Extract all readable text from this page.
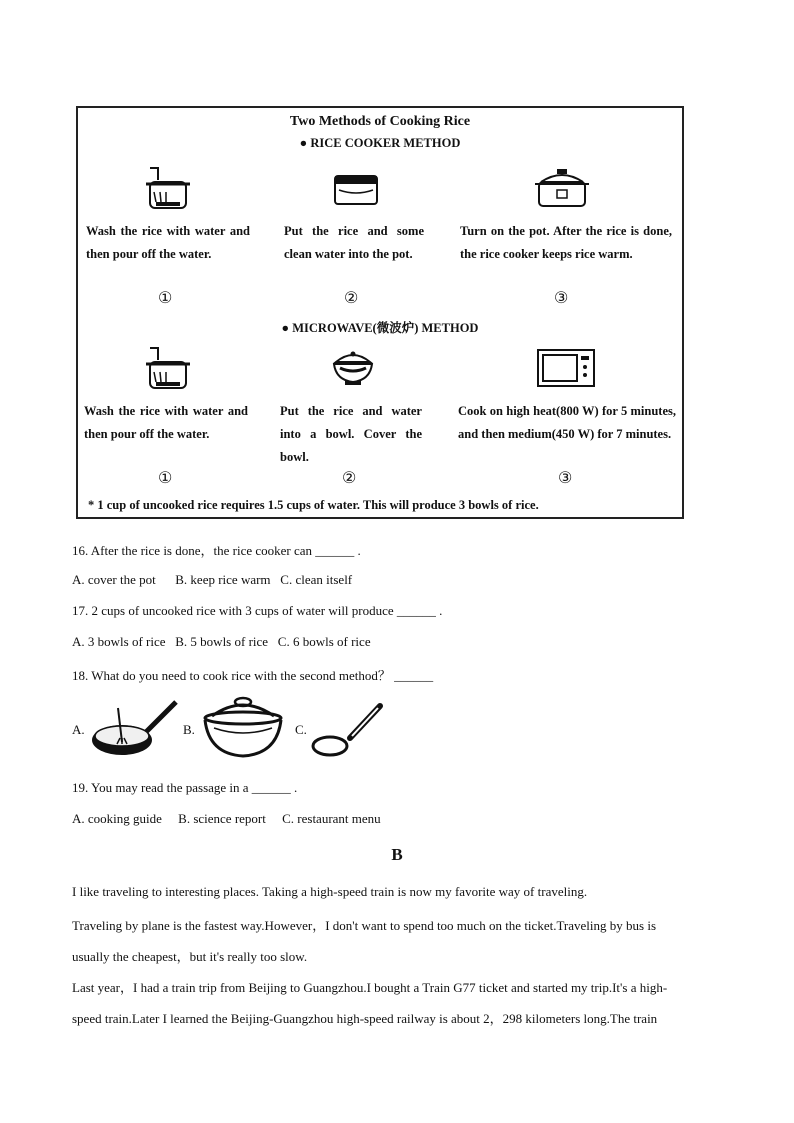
Two Methods of Cooking Rice
● RICE COOKER METHOD
Wash the rice with water and then pour off the water.
Put the rice and some clean water into the pot.
Turn on the pot. After the rice is done, the rice cooker keeps rice warm.
①	②	③
● MICROWAVE(微波炉) METHOD
Wash the rice with water and then pour off the water.
Put the rice and water into a bowl. Cover the bowl.
Cook on high heat(800 W) for 5 minutes, and then medium(450 W) for 7 minutes.
①	②	③
* 1 cup of uncooked rice requires 1.5 cups of water. This will produce 3 bowls of rice.
16. After the rice is done，the rice cooker can ______ .
A. cover the pot      B. keep rice warm   C. clean itself
17. 2 cups of uncooked rice with 3 cups of water will produce ______ .
A. 3 bowls of rice   B. 5 bowls of rice   C. 6 bowls of rice
18. What do you need to cook rice with the second method？ ______
A.	B.	C.
19. You may read the passage in a ______ .
A. cooking guide     B. science report     C. restaurant menu
B
I like traveling to interesting places. Taking a high-speed train is now my favorite way of traveling.
Traveling by plane is the fastest way.However，I don't want to spend too much on the ticket.Traveling by bus is
usually the cheapest，but it's really too slow.
Last year，I had a train trip from Beijing to Guangzhou.I bought a Train G77 ticket and started my trip.It's a high-
speed train.Later I learned the Beijing-Guangzhou high-speed railway is about 2，298 kilometers long.The train
